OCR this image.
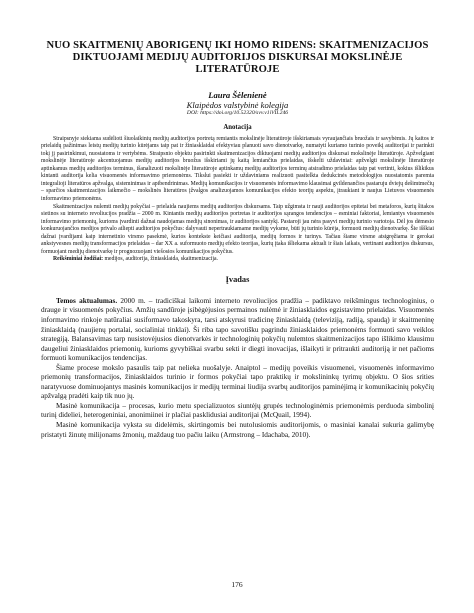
NUO SKAITMENIŲ ABORIGENŲ IKI HOMO RIDENS: SKAITMENIZACIJOS DIKTUOJAMI MEDIJŲ AUDITORIJOS DISKURSAI MOKSLINĖJE LITERATŪROJE
Laura Šėlenienė
Klaipėdos valstybinė kolegija
DOI: https://doi.org/10.52320/svv.v1iVII.246
Anotacija

Straipsnyje siekiama sudėlioti šiuolaikinių medijų auditorijos portretą remiantis mokslinėje literatūroje išskiriamais vyraujančiais bruožais ir savybėmis. Jų kaitos ir prielaidų pažinimas leistų medijų turinio kūrėjams taip pat ir žiniasklaidai efektyviau planuoti savo dienotvarkę, numatyti kuriamo turinio poveikį auditorijai ir parinkti tokį jį pasirinkimui, nuostatoms ir vertybėms. Straipsnio objektu pasirinkti skaitmenizacijos diktuojami medijų auditorijos diskursai mokslinėje literatūroje. Apžvelgiant mokslinėje literatūroje akcentuojamus medijų auditorijos bruožus išskiriami jų kaitą lemiančius prielaidas, išskelti uždaviniai: apžvelgti mokslinėje literatūroje aptinkamus medijų auditorijos terminus, išanalizuoti mokslinėje literatūroje aptinkamų medijų auditorijos terminų atsiradimo prielaidas taip pat vertinti, kokius išlikikus kintanti auditorija kelia visuomenės informavimo priemonėms. Tikslui pasiekti ir uždaviniams realizuoti pasitelkta dedukcinės metodologijos nuostatomis paremta integralioji literatūros apžvalga, sisteminimas ir apibendrinimas. Medijų komunikacijos ir visuomenės informavimo klausimai gvildenančios pastaruju dviejų dešimtmečių – sparčios skaitmenizacijos laikmečio – mokslinės literatūros įžvalgos analizuojamos komunikacijos efekto teorijų aspektu, įtraukiant ir naujus Lietuvos visuomenės informavimo priemonėms.

Skaitmenizacijos nulemti medijų pokyčiai – prielaida naujiems medijų auditorijos diskursams. Taip užgimsta ir nauji auditorijos epitetai bei metaforos, kurių šitakos sietinos su interneto revoliucijos pradžia – 2000 m. Kintantis medijų auditorijos portretas ir auditorijos sąrangos tendencijos – esminiai faktoriai, lemiantys visuomenės informavimo priemonių, kurioms įvardinti dažnai naudojamas medijų sinonimas, ir auditorijos santykį. Pastaroji jau nėra pasyvi medijų turinio vartotoja. Dėl jos dėmesio konkuruojančios medijos privalo atliepti auditorijos pokyčius: dalyvauti nepertraukiamame medijų vyksme, būti jų turinio kūrėja, formuoti medijų dienotvarkę. Šie išškiai dažnai įvardijami kaip internetinio virsmo pasekmė, kurios kontekste keičiasi auditorija, medijų formos ir turinys. Tačiau šiame virsme atsigręžiama ir gerokai ankstyvesnes medijų transformacijos prielaidas – dar XX a. suformuoto medijų efekto teorijas, kurių įtaka išliekama aktuali ir šiais laikais, vertinant auditorijos diskursus, formuojant medijų dienotvarkę ir prognozuojant viešosios komunikacijos pokyčius.

Reikšminiai žodžiai: medijos, auditorija, žiniasklaida, skaitmenizacija.

Įvadas

Temos aktualumas. 2000 m. – tradiciškai laikomi interneto revoliucijos pradžia – padiktavo reikšmingus technologinius, o drauge ir visuomenės pokyčius. Amžių sandūroje įsibėgėjusios permainos nulėmė ir žiniasklaidos egzistavimo prielaidas. Visuomenės informavimo rinkoje natūraliai susiformavo takoskyra, tarsi atskyrusi tradicinę žiniasklaidą (televiziją, radiją, spaudą) ir skaitmeninę žiniasklaidą (naujienų portalai, socialiniai tinklai). Ši riba tapo savotišku pagrindu žiniasklaidos priemonėms formuoti savo veiklos strategiją. Balansavimas tarp nusistovėjusios dienotvarkės ir technologinių pokyčių nulemtos skaitmenizacijos tapo išlikimo klausimu daugeliui žiniasklaidos priemonių, kurioms gyvybiškai svarbu sekti ir diegti inovacijas, išlaikyti ir pritraukti auditoriją ir net pačioms formuoti komunikacijos tendencijas.

Šiame procese mokslo pasaulis taip pat nelieka nuošalyje. Anaiptol – medijų poveikis visuomenei, visuomenės informavimo priemonių transformacijos, žiniasklaidos turinio ir formos pokyčiai tapo praktikų ir mokslininkų tyrimų objektu. O šios srities naratyvuose dominuojantys masinės komunikacijos ir medijų terminai liudija svarbų auditorijos paminėjimą ir komunikacinių pokyčių apžvalgą pradėti kaip tik nuo jų.

Masinė komunikacija – procesas, kurio metu specializuotos siuntėjų grupės technologinėmis priemonėmis perduoda simbolinį turinį dideliei, heterogeniniai, anonimiinei ir plačiai pasklidusiai auditorijai (McQuail, 1994).

Masinė komunikacija vyksta su didelėmis, skirtingomis bei nutolusiomis auditorijomis, o masiniai kanalai sukuria galimybę pristatyti žinutę milijonams žmonių, maždaug tuo pačiu laiku (Armstrong – Idachaba, 2010).

176
